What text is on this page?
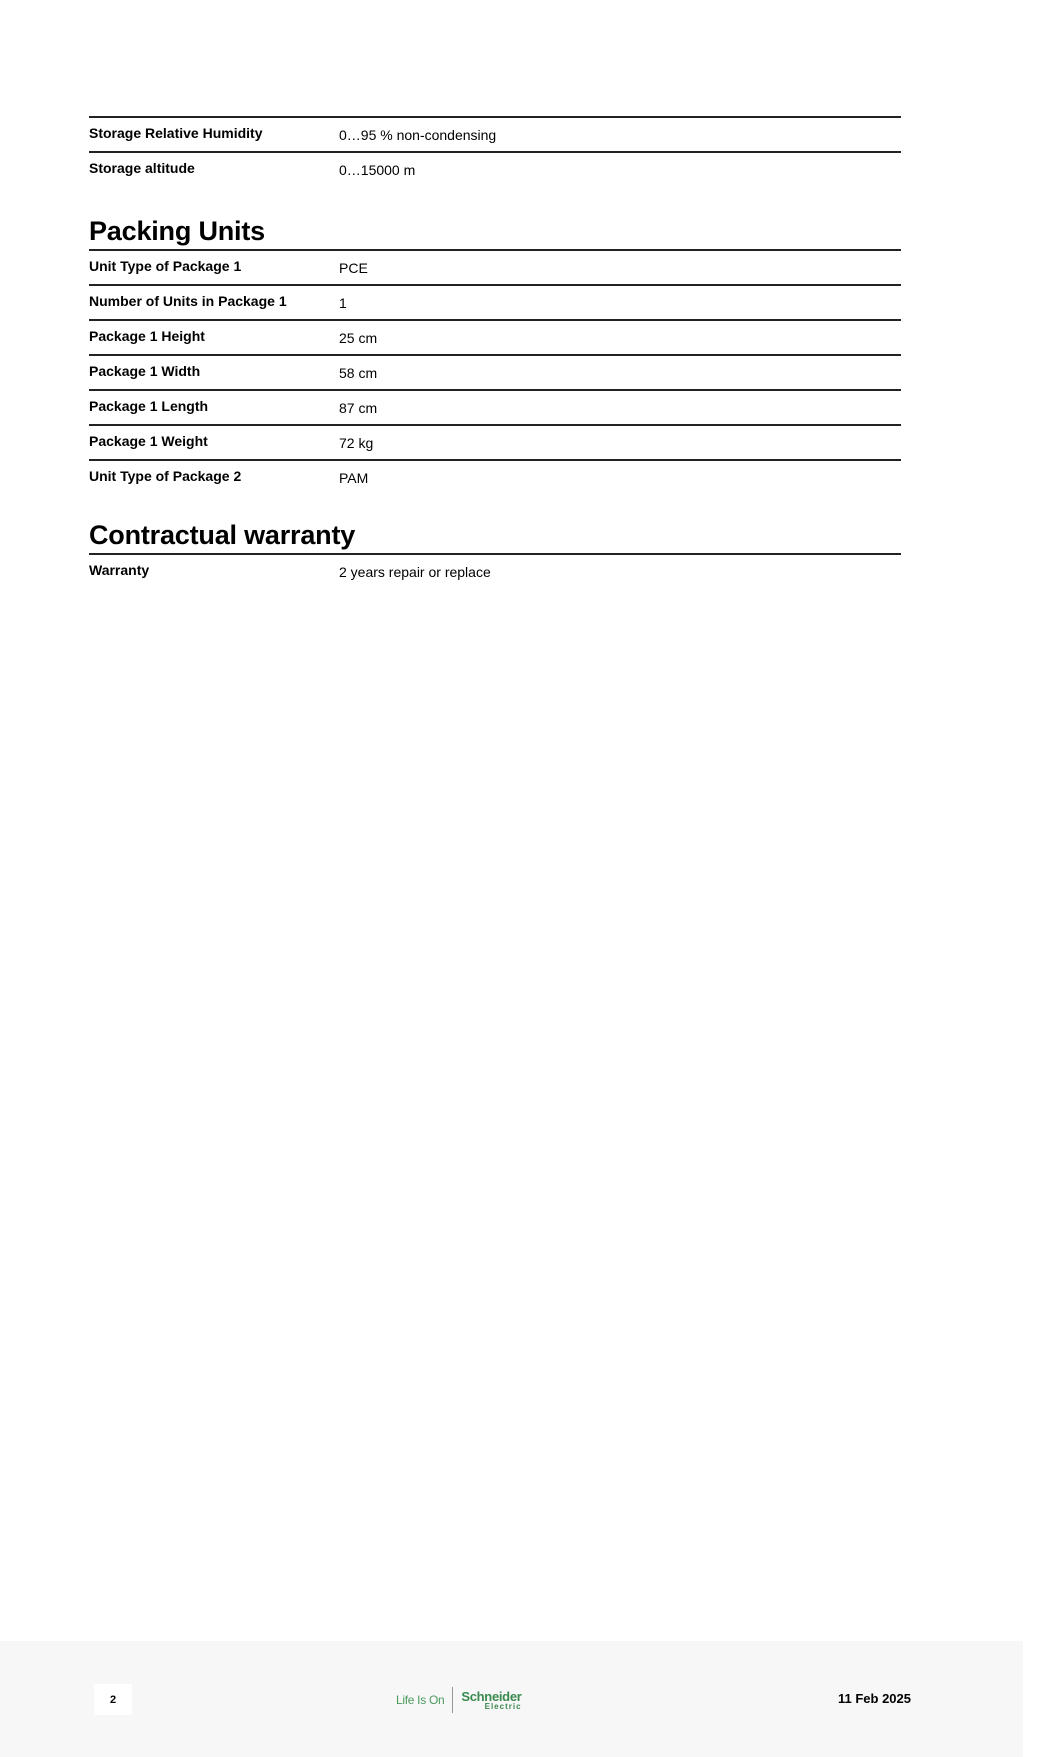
Storage Relative Humidity	0…95 % non-condensing
Storage altitude	0…15000 m
Packing Units
Unit Type of Package 1	PCE
Number of Units in Package 1	1
Package 1 Height	25 cm
Package 1 Width	58 cm
Package 1 Length	87 cm
Package 1 Weight	72 kg
Unit Type of Package 2	PAM
Contractual warranty
Warranty	2 years repair or replace
2	Life Is On Schneider
Electric	11 Feb 2025
